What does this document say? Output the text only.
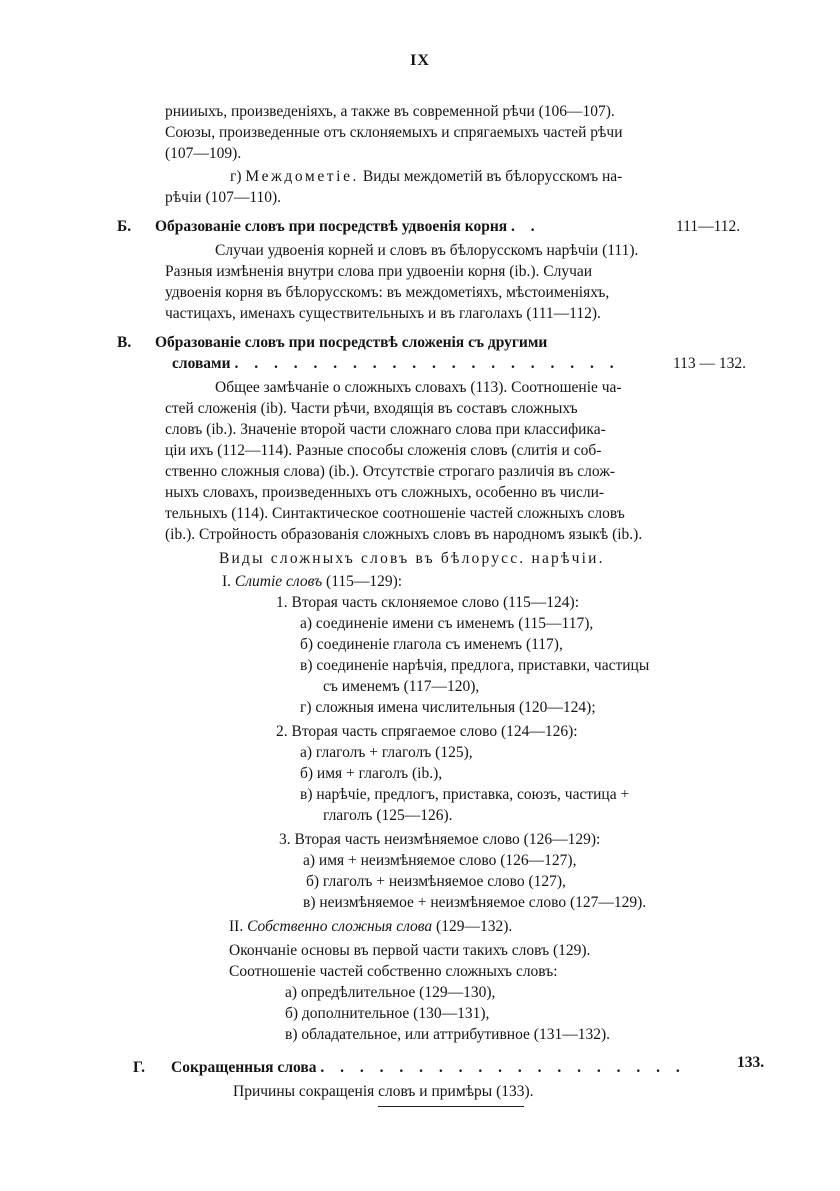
IX
рнииыхъ, произведеніяхъ, а также въ современной рѣчи (106—107).
Союзы, произведенные отъ склоняемыхъ и спрягаемыхъ частей рѣчи
(107—109).
г) Междометіе. Виды междометій въ бѣлорусскомъ на-
рѣчіи (107—110).
Б. Образованіе словъ при посредствѣ удвоенія корня . .	111—112.
Случаи удвоенія корней и словъ въ бѣлорусскомъ нарѣчіи (111).
Разныя измѣненія внутри слова при удвоеніи корня (ib.). Случаи
удвоенія корня въ бѣлорусскомъ: въ междометіяхъ, мѣстоименіяхъ,
частицахъ, именахъ существительныхъ и въ глаголахъ (111—112).
В. Образованіе словъ при посредствѣ сложенія съ другими
словами . . . . . . . . . . . . . . . . . . . .	113 — 132.
Общее замѣчаніе о сложныхъ словахъ (113). Соотношеніе ча-
стей сложенія (ib). Части рѣчи, входящія въ составъ сложныхъ
словъ (ib.). Значеніе второй части сложнаго слова при классифика-
ціи ихъ (112—114). Разные способы сложенія словъ (слитія и соб-
ственно сложныя слова) (ib.). Отсутствіе строгаго различія въ слож-
ныхъ словахъ, произведенныхъ отъ сложныхъ, особенно въ числи-
тельныхъ (114). Синтактическое соотношеніе частей сложныхъ словъ
(ib.). Стройность образованія сложныхъ словъ въ народномъ языкѣ (ib.).
Виды сложныхъ словъ въ бѣлорусс. нарѣчіи.
I. Слитіе словъ (115—129):
1. Вторая часть склоняемое слово (115—124):
а) соединеніе имени съ именемъ (115—117),
б) соединеніе глагола съ именемъ (117),
в) соединеніе нарѣчія, предлога, приставки, частицы
съ именемъ (117—120),
г) сложныя имена числительныя (120—124);
2. Вторая часть спрягаемое слово (124—126):
а) глаголъ + глаголъ (125),
б) имя + глаголъ (ib.),
в) нарѣчіе, предлогъ, приставка, союзъ, частица +
глаголъ (125—126).
3. Вторая часть неизмѣняемое слово (126—129):
а) имя + неизмѣняемое слово (126—127),
б) глаголъ + неизмѣняемое слово (127),
в) неизмѣняемое + неизмѣняемое слово (127—129).
II. Собственно сложныя слова (129—132).
Окончаніе основы въ первой части такихъ словъ (129).
Соотношеніе частей собственно сложныхъ словъ:
а) опредѣлительное (129—130),
б) дополнительное (130—131),
в) обладательное, или аттрибутивное (131—132).
Г. Сокращенныя слова . . . . . . . . . . . . . . . . . . .	133.
Причины сокращенія словъ и примѣры (133).
